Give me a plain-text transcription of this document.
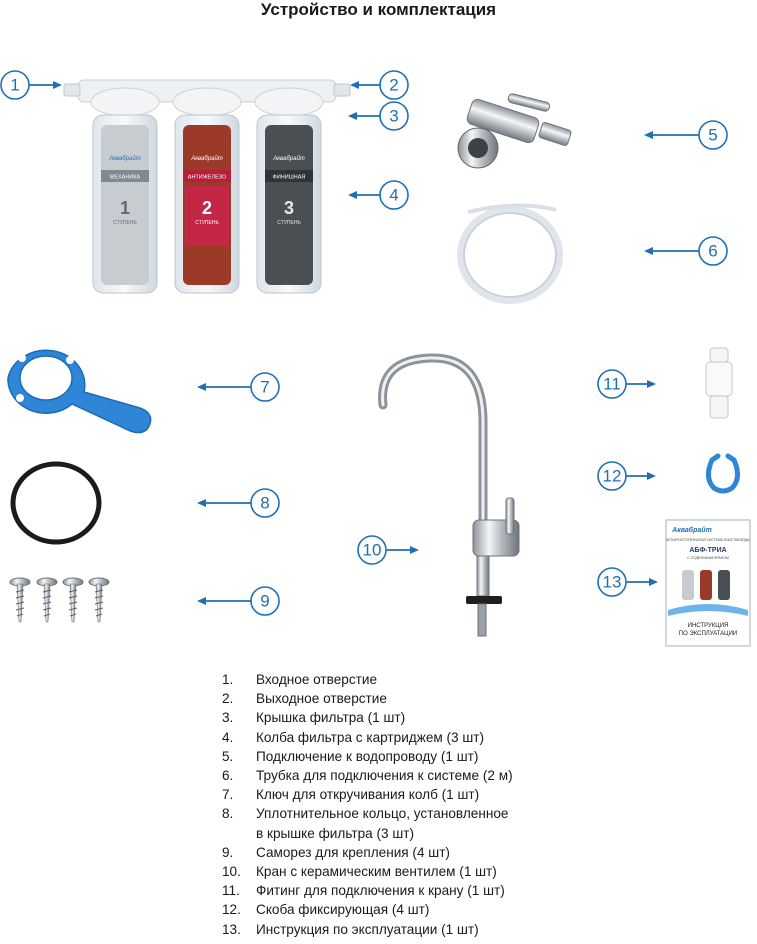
Устройство и комплектация
МЕХАНИКА
1
СТУПЕНЬ
Аквабрайт
АНТИЖЕЛЕЗО
2
СТУПЕНЬ
Аквабрайт
ФИНИШНАЯ
3
СТУПЕНЬ
Аквабрайт
Аквабрайт
ЧЕТЫРЕХСТУПЕНЧАТАЯ СИСТЕМА ОЧИСТКИ ВОДЫ
АБФ-ТРИА
С ОТДЕЛЬНЫМ КРАНОМ
ИНСТРУКЦИЯ
ПО ЭКСПЛУАТАЦИИ
1	2
3
4
5
6
7
8
9
10
11
12
13
1. Входное отверстие
2. Выходное отверстие
3. Крышка фильтра (1 шт)
4. Колба фильтра с картриджем (3 шт)
5. Подключение к водопроводу (1 шт)
6. Трубка для подключения к системе (2 м)
7. Ключ для откручивания колб (1 шт)
8. Уплотнительное кольцо, установленное
в крышке фильтра (3 шт)
9. Саморез для крепления (4 шт)
10. Кран с керамическим вентилем (1 шт)
11. Фитинг для подключения к крану (1 шт)
12. Скоба фиксирующая (4 шт)
13. Инструкция по эксплуатации (1 шт)
